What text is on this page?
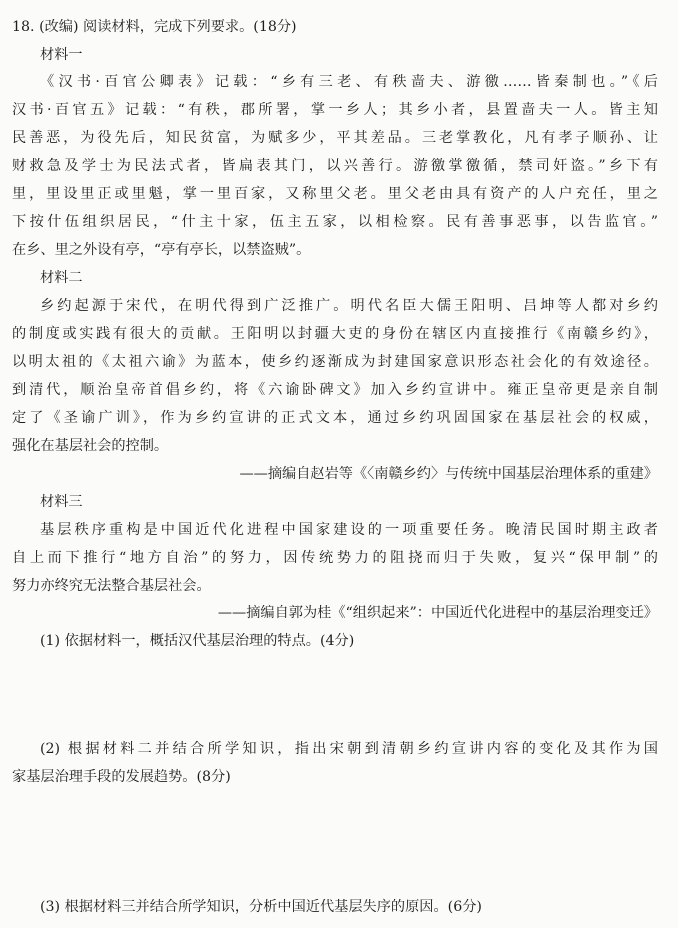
18. (改编) 阅读材料，完成下列要求。(18分)
材料一
《汉书·百官公卿表》记载：“乡有三老、有秩啬夫、游徼……皆秦制也。”《后
汉书·百官五》记载：“有秩，郡所署，掌一乡人；其乡小者，县置啬夫一人。皆主知
民善恶，为役先后，知民贫富，为赋多少，平其差品。三老掌教化，凡有孝子顺孙、让
财救急及学士为民法式者，皆扁表其门，以兴善行。游徼掌徼循，禁司奸盗。”乡下有
里，里设里正或里魁，掌一里百家，又称里父老。里父老由具有资产的人户充任，里之
下按什伍组织居民，“什主十家，伍主五家，以相检察。民有善事恶事，以告监官。”
在乡、里之外设有亭，“亭有亭长，以禁盗贼”。
材料二
乡约起源于宋代，在明代得到广泛推广。明代名臣大儒王阳明、吕坤等人都对乡约
的制度或实践有很大的贡献。王阳明以封疆大吏的身份在辖区内直接推行《南赣乡约》，
以明太祖的《太祖六谕》为蓝本，使乡约逐渐成为封建国家意识形态社会化的有效途径。
到清代，顺治皇帝首倡乡约，将《六谕卧碑文》加入乡约宣讲中。雍正皇帝更是亲自制
定了《圣谕广训》，作为乡约宣讲的正式文本，通过乡约巩固国家在基层社会的权威，
强化在基层社会的控制。
——摘编自赵岩等《〈南赣乡约〉与传统中国基层治理体系的重建》
材料三
基层秩序重构是中国近代化进程中国家建设的一项重要任务。晚清民国时期主政者
自上而下推行“地方自治”的努力，因传统势力的阻挠而归于失败，复兴“保甲制”的
努力亦终究无法整合基层社会。
——摘编自郭为桂《“组织起来”：中国近代化进程中的基层治理变迁》
(1) 依据材料一，概括汉代基层治理的特点。(4分)
(2) 根据材料二并结合所学知识，指出宋朝到清朝乡约宣讲内容的变化及其作为国
家基层治理手段的发展趋势。(8分)
(3) 根据材料三并结合所学知识，分析中国近代基层失序的原因。(6分)
